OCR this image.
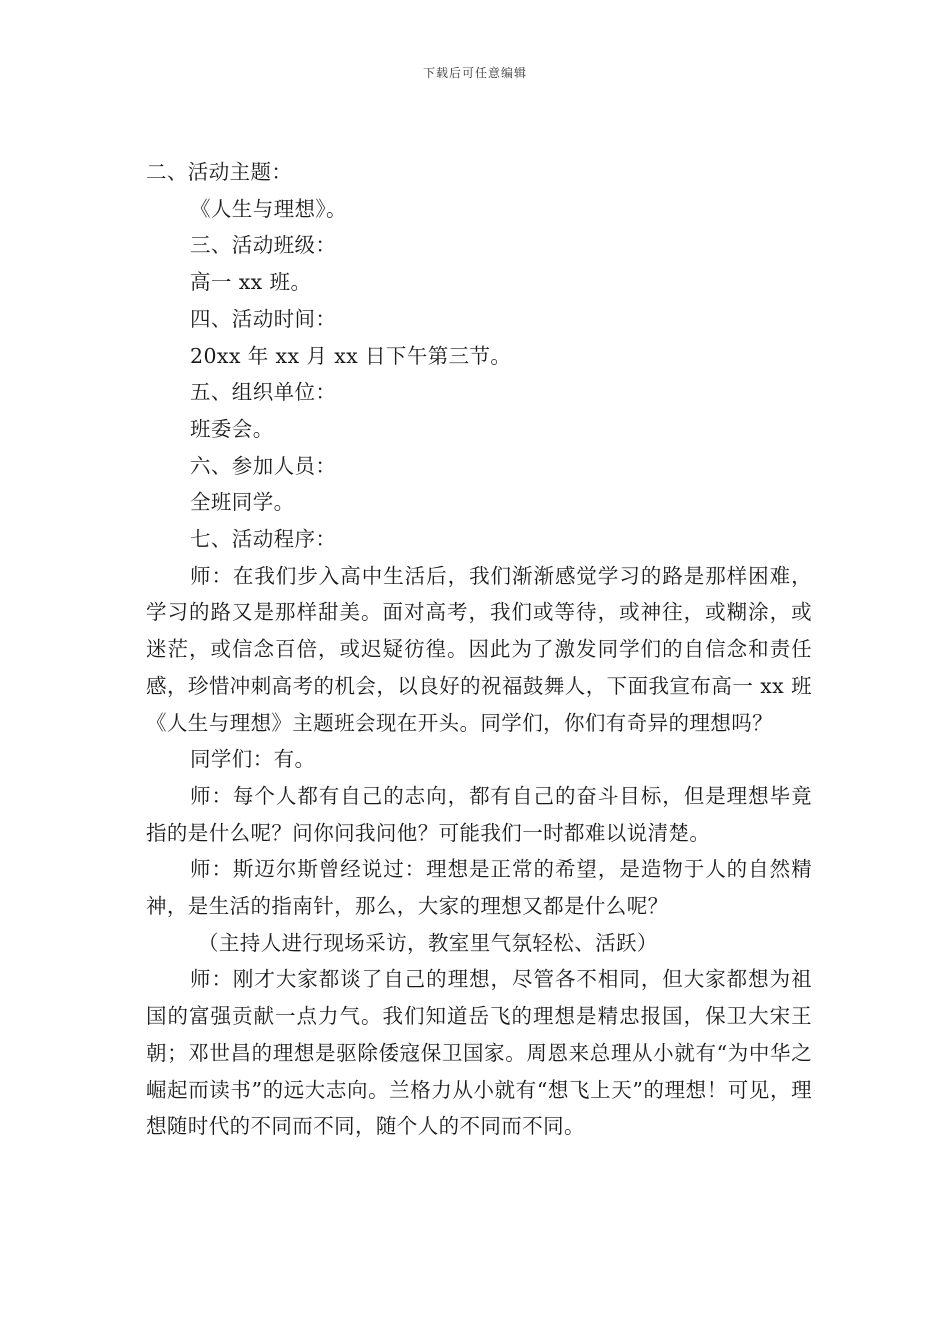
下载后可任意编辑

二、活动主题：

《人生与理想》。

三、活动班级：

高一 xx 班。

四、活动时间：

20xx 年 xx 月 xx 日下午第三节。

五、组织单位：

班委会。

六、参加人员：

全班同学。

七、活动程序：

师：在我们步入高中生活后，我们渐渐感觉学习的路是那样困难，学习的路又是那样甜美。面对高考，我们或等待，或神往，或糊涂，或迷茫，或信念百倍，或迟疑彷徨。因此为了激发同学们的自信念和责任感，珍惜冲刺高考的机会，以良好的祝福鼓舞人，下面我宣布高一 xx 班《人生与理想》主题班会现在开头。同学们，你们有奇异的理想吗？

同学们：有。

师：每个人都有自己的志向，都有自己的奋斗目标，但是理想毕竟指的是什么呢？问你问我问他？可能我们一时都难以说清楚。

师：斯迈尔斯曾经说过：理想是正常的希望，是造物于人的自然精神，是生活的指南针，那么，大家的理想又都是什么呢？

（主持人进行现场采访，教室里气氛轻松、活跃）

师：刚才大家都谈了自己的理想，尽管各不相同，但大家都想为祖国的富强贡献一点力气。我们知道岳飞的理想是精忠报国，保卫大宋王朝；邓世昌的理想是驱除倭寇保卫国家。周恩来总理从小就有“为中华之崛起而读书”的远大志向。兰格力从小就有“想飞上天”的理想！可见，理想随时代的不同而不同，随个人的不同而不同。
